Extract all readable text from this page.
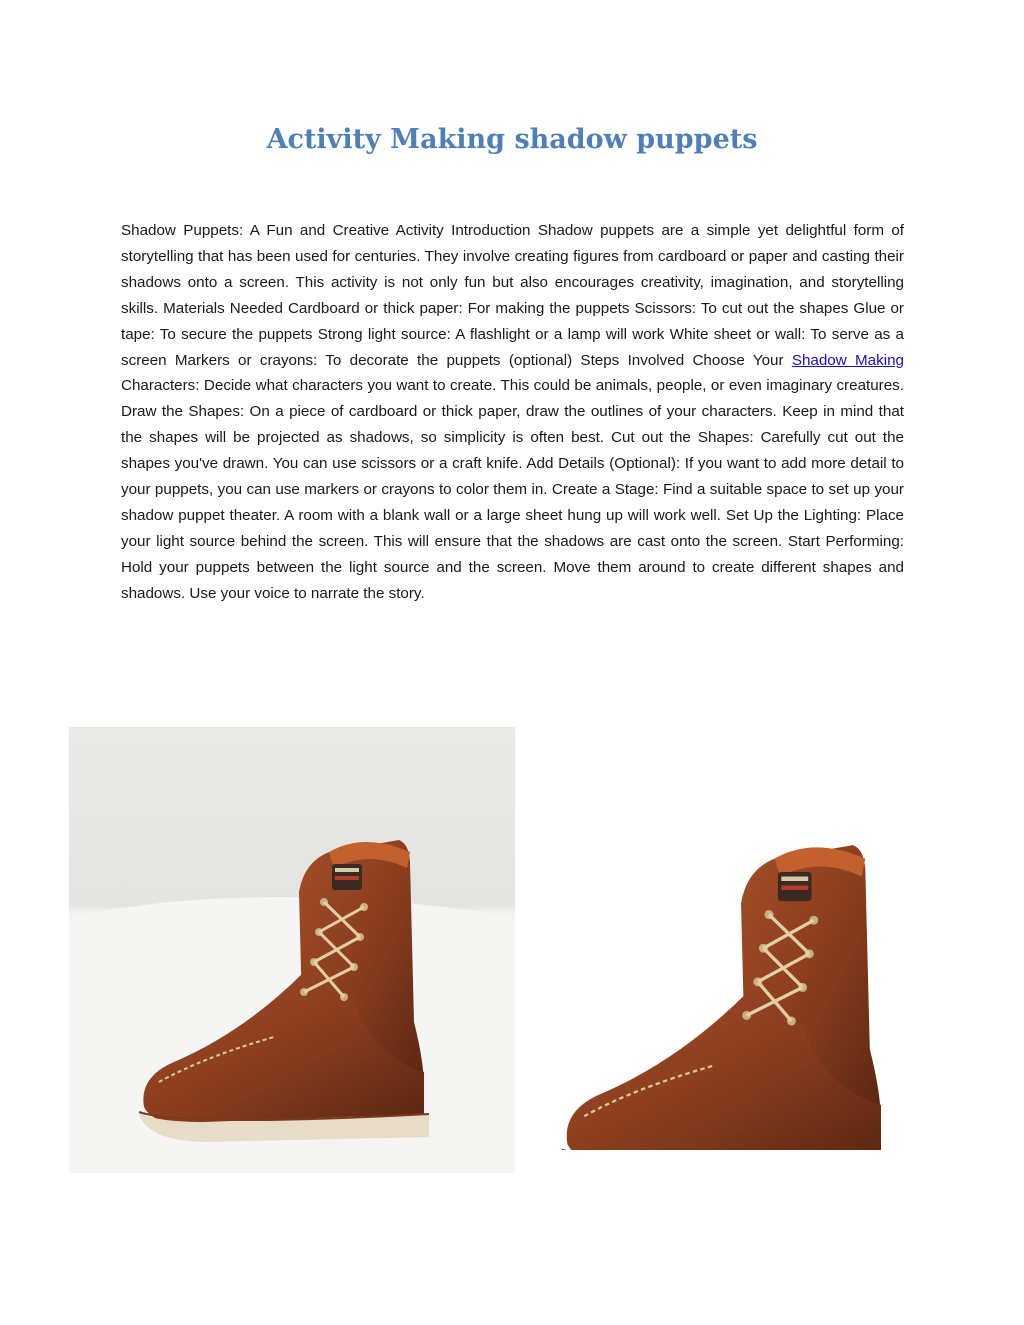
Activity Making shadow puppets

Shadow Puppets: A Fun and Creative Activity Introduction Shadow puppets are a simple yet delightful form of storytelling that has been used for centuries. They involve creating figures from cardboard or paper and casting their shadows onto a screen. This activity is not only fun but also encourages creativity, imagination, and storytelling skills. Materials Needed Cardboard or thick paper: For making the puppets Scissors: To cut out the shapes Glue or tape: To secure the puppets Strong light source: A flashlight or a lamp will work White sheet or wall: To serve as a screen Markers or crayons: To decorate the puppets (optional) Steps Involved Choose Your Shadow Making Characters: Decide what characters you want to create. This could be animals, people, or even imaginary creatures. Draw the Shapes: On a piece of cardboard or thick paper, draw the outlines of your characters. Keep in mind that the shapes will be projected as shadows, so simplicity is often best. Cut out the Shapes: Carefully cut out the shapes you've drawn. You can use scissors or a craft knife. Add Details (Optional): If you want to add more detail to your puppets, you can use markers or crayons to color them in. Create a Stage: Find a suitable space to set up your shadow puppet theater. A room with a blank wall or a large sheet hung up will work well. Set Up the Lighting: Place your light source behind the screen. This will ensure that the shadows are cast onto the screen. Start Performing: Hold your puppets between the light source and the screen. Move them around to create different shapes and shadows. Use your voice to narrate the story.
